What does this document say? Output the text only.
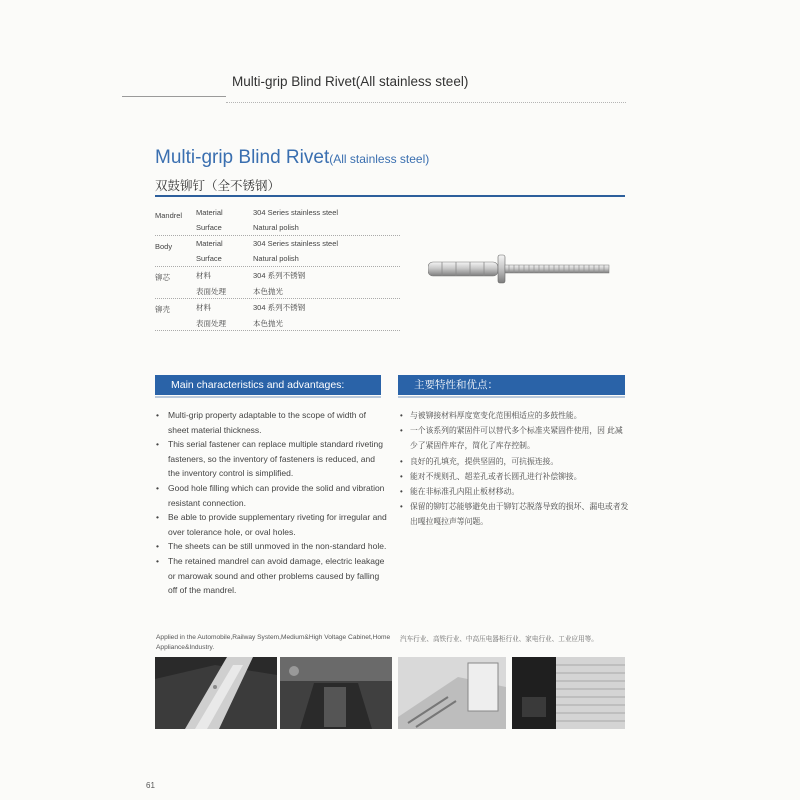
Multi-grip Blind Rivet(All stainless steel)
Multi-grip Blind Rivet(All stainless steel)
双鼓铆钉（全不锈钢）
Mandrel Material	304 Series stainless steel
Surface	Natural polish
Body	Material	304 Series stainless steel
Surface	Natural polish
铆芯	材料	304 系列不锈钢
表面处理	本色抛光
铆壳	材料	304 系列不锈钢
表面处理	本色抛光
Main characteristics and advantages:	主要特性和优点：
• Multi-grip property adaptable to the scope of width of sheet material thickness.
• This serial fastener can replace multiple standard riveting fasteners, so the inventory of fasteners is reduced, and the inventory control is simplified.
• Good hole filling which can provide the solid and vibration resistant connection.
• Be able to provide supplementary riveting for irregular and over tolerance hole, or oval holes.
• The sheets can be still unmoved in the non-standard hole.
• The retained mandrel can avoid damage, electric leakage or marowak sound and other problems caused by falling off of the mandrel.
• 与被铆接材料厚度宽变化范围相适应的多鼓性能。
• 一个该系列的紧固件可以替代多个标准夹紧固件使用，因 此减少了紧固件库存，简化了库存控制。
• 良好的孔填充，提供坚固的，可抗振连接。
• 能对不规则孔、超差孔或者长圆孔进行补偿铆接。
• 能在非标准孔内阻止板材移动。
• 保留的铆钉芯能够避免由于铆钉芯脱落导致的损坏、漏电或者发出嘎拉嘎拉声等问题。
Applied in the Automobile,Railway System,Medium&High Voltage Cabinet,Home Appliance&Industry.
汽车行业、高铁行业、中高压电器柜行业、家电行业、工业应用等。
61
